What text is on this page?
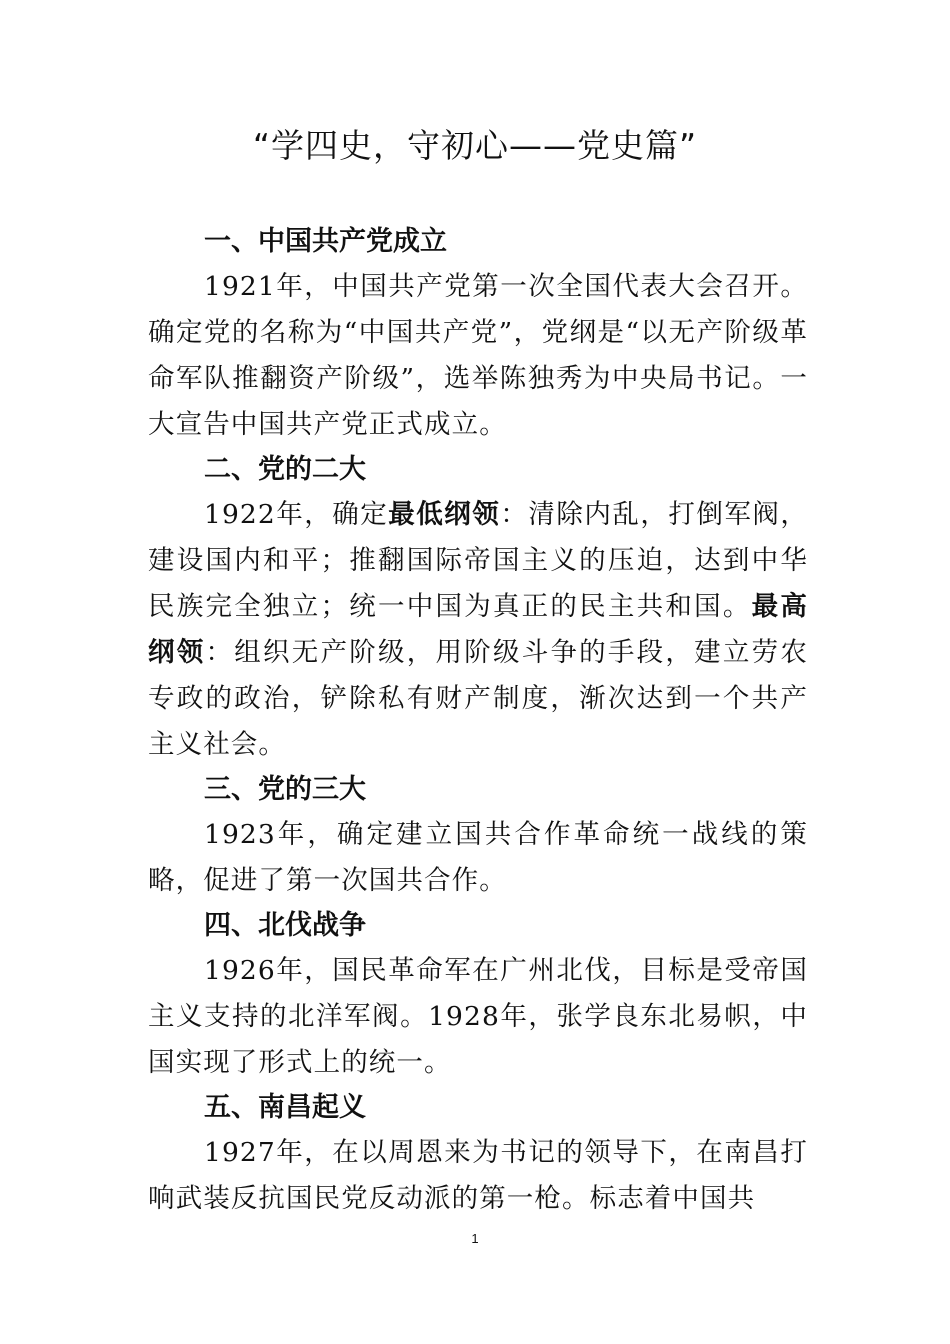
“学四史，守初心——党史篇”

一、中国共产党成立

1921年，中国共产党第一次全国代表大会召开。确定党的名称为“中国共产党”，党纲是“以无产阶级革命军队推翻资产阶级”，选举陈独秀为中央局书记。一大宣告中国共产党正式成立。

二、党的二大

1922年，确定最低纲领：清除内乱，打倒军阀，建设国内和平；推翻国际帝国主义的压迫，达到中华民族完全独立；统一中国为真正的民主共和国。最高纲领：组织无产阶级，用阶级斗争的手段，建立劳农专政的政治，铲除私有财产制度，渐次达到一个共产主义社会。

三、党的三大

1923年，确定建立国共合作革命统一战线的策略，促进了第一次国共合作。

四、北伐战争

1926年，国民革命军在广州北伐，目标是受帝国主义支持的北洋军阀。1928年，张学良东北易帜，中国实现了形式上的统一。

五、南昌起义

1927年，在以周恩来为书记的领导下，在南昌打响武装反抗国民党反动派的第一枪。标志着中国共

1
